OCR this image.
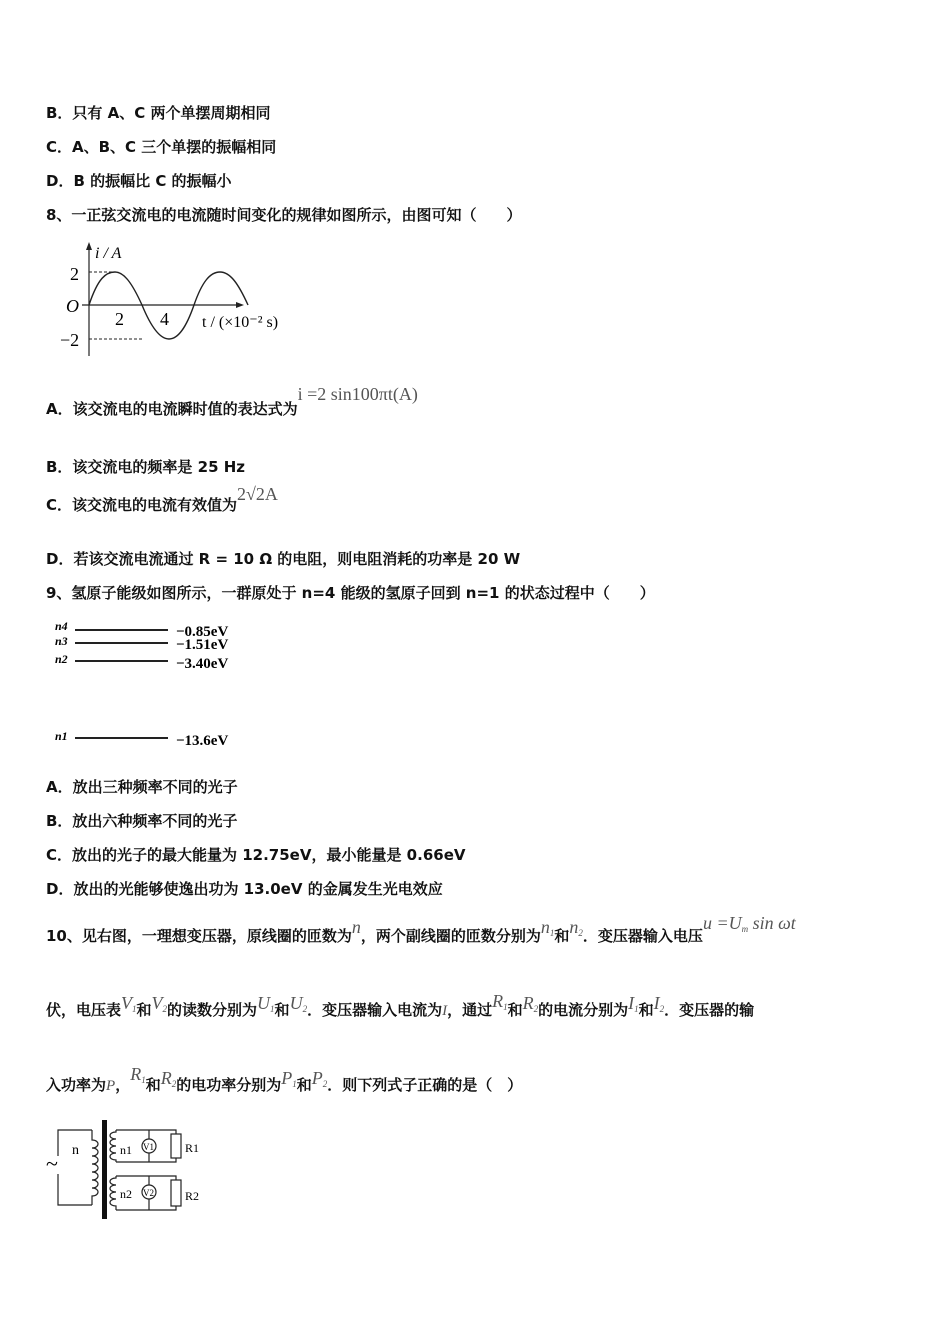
B．只有 A、C 两个单摆周期相同
C．A、B、C 三个单摆的振幅相同
D．B 的振幅比 C 的振幅小
8、一正弦交流电的电流随时间变化的规律如图所示，由图可知（　　）
i / A
2
−2
O
2 4 t / (×10⁻² s)
A．该交流电的电流瞬时值的表达式为i =2 sin100πt(A)
B．该交流电的频率是 25 Hz
C．该交流电的电流有效值为2√2A
D．若该交流电流通过 R = 10 Ω 的电阻，则电阻消耗的功率是 20 W
9、氢原子能级如图所示，一群原处于 n=4 能级的氢原子回到 n=1 的状态过程中（　　）
n4
n3
n2
n1
−0.85eV
−1.51eV
−3.40eV
−13.6eV
A．放出三种频率不同的光子
B．放出六种频率不同的光子
C．放出的光子的最大能量为 12.75eV，最小能量是 0.66eV
D．放出的光能够使逸出功为 13.0eV 的金属发生光电效应
10、见右图，一理想变压器，原线圈的匝数为n，两个副线圈的匝数分别为$n_1$和$n_2$．变压器输入电压$u =U_m$ sin ωt
伏，电压表$V_1$和$V_2$的读数分别为$U_1$和$U_2$．变压器输入电流为I，通过$R_1$和$R_2$的电流分别为$I_1$和$I_2$．变压器的输
入功率为P，$R_1$和$R_2$的电功率分别为$P_1$和$P_2$．则下列式子正确的是（　）
~
n	V1	R1
n1
V2	R2
n2
